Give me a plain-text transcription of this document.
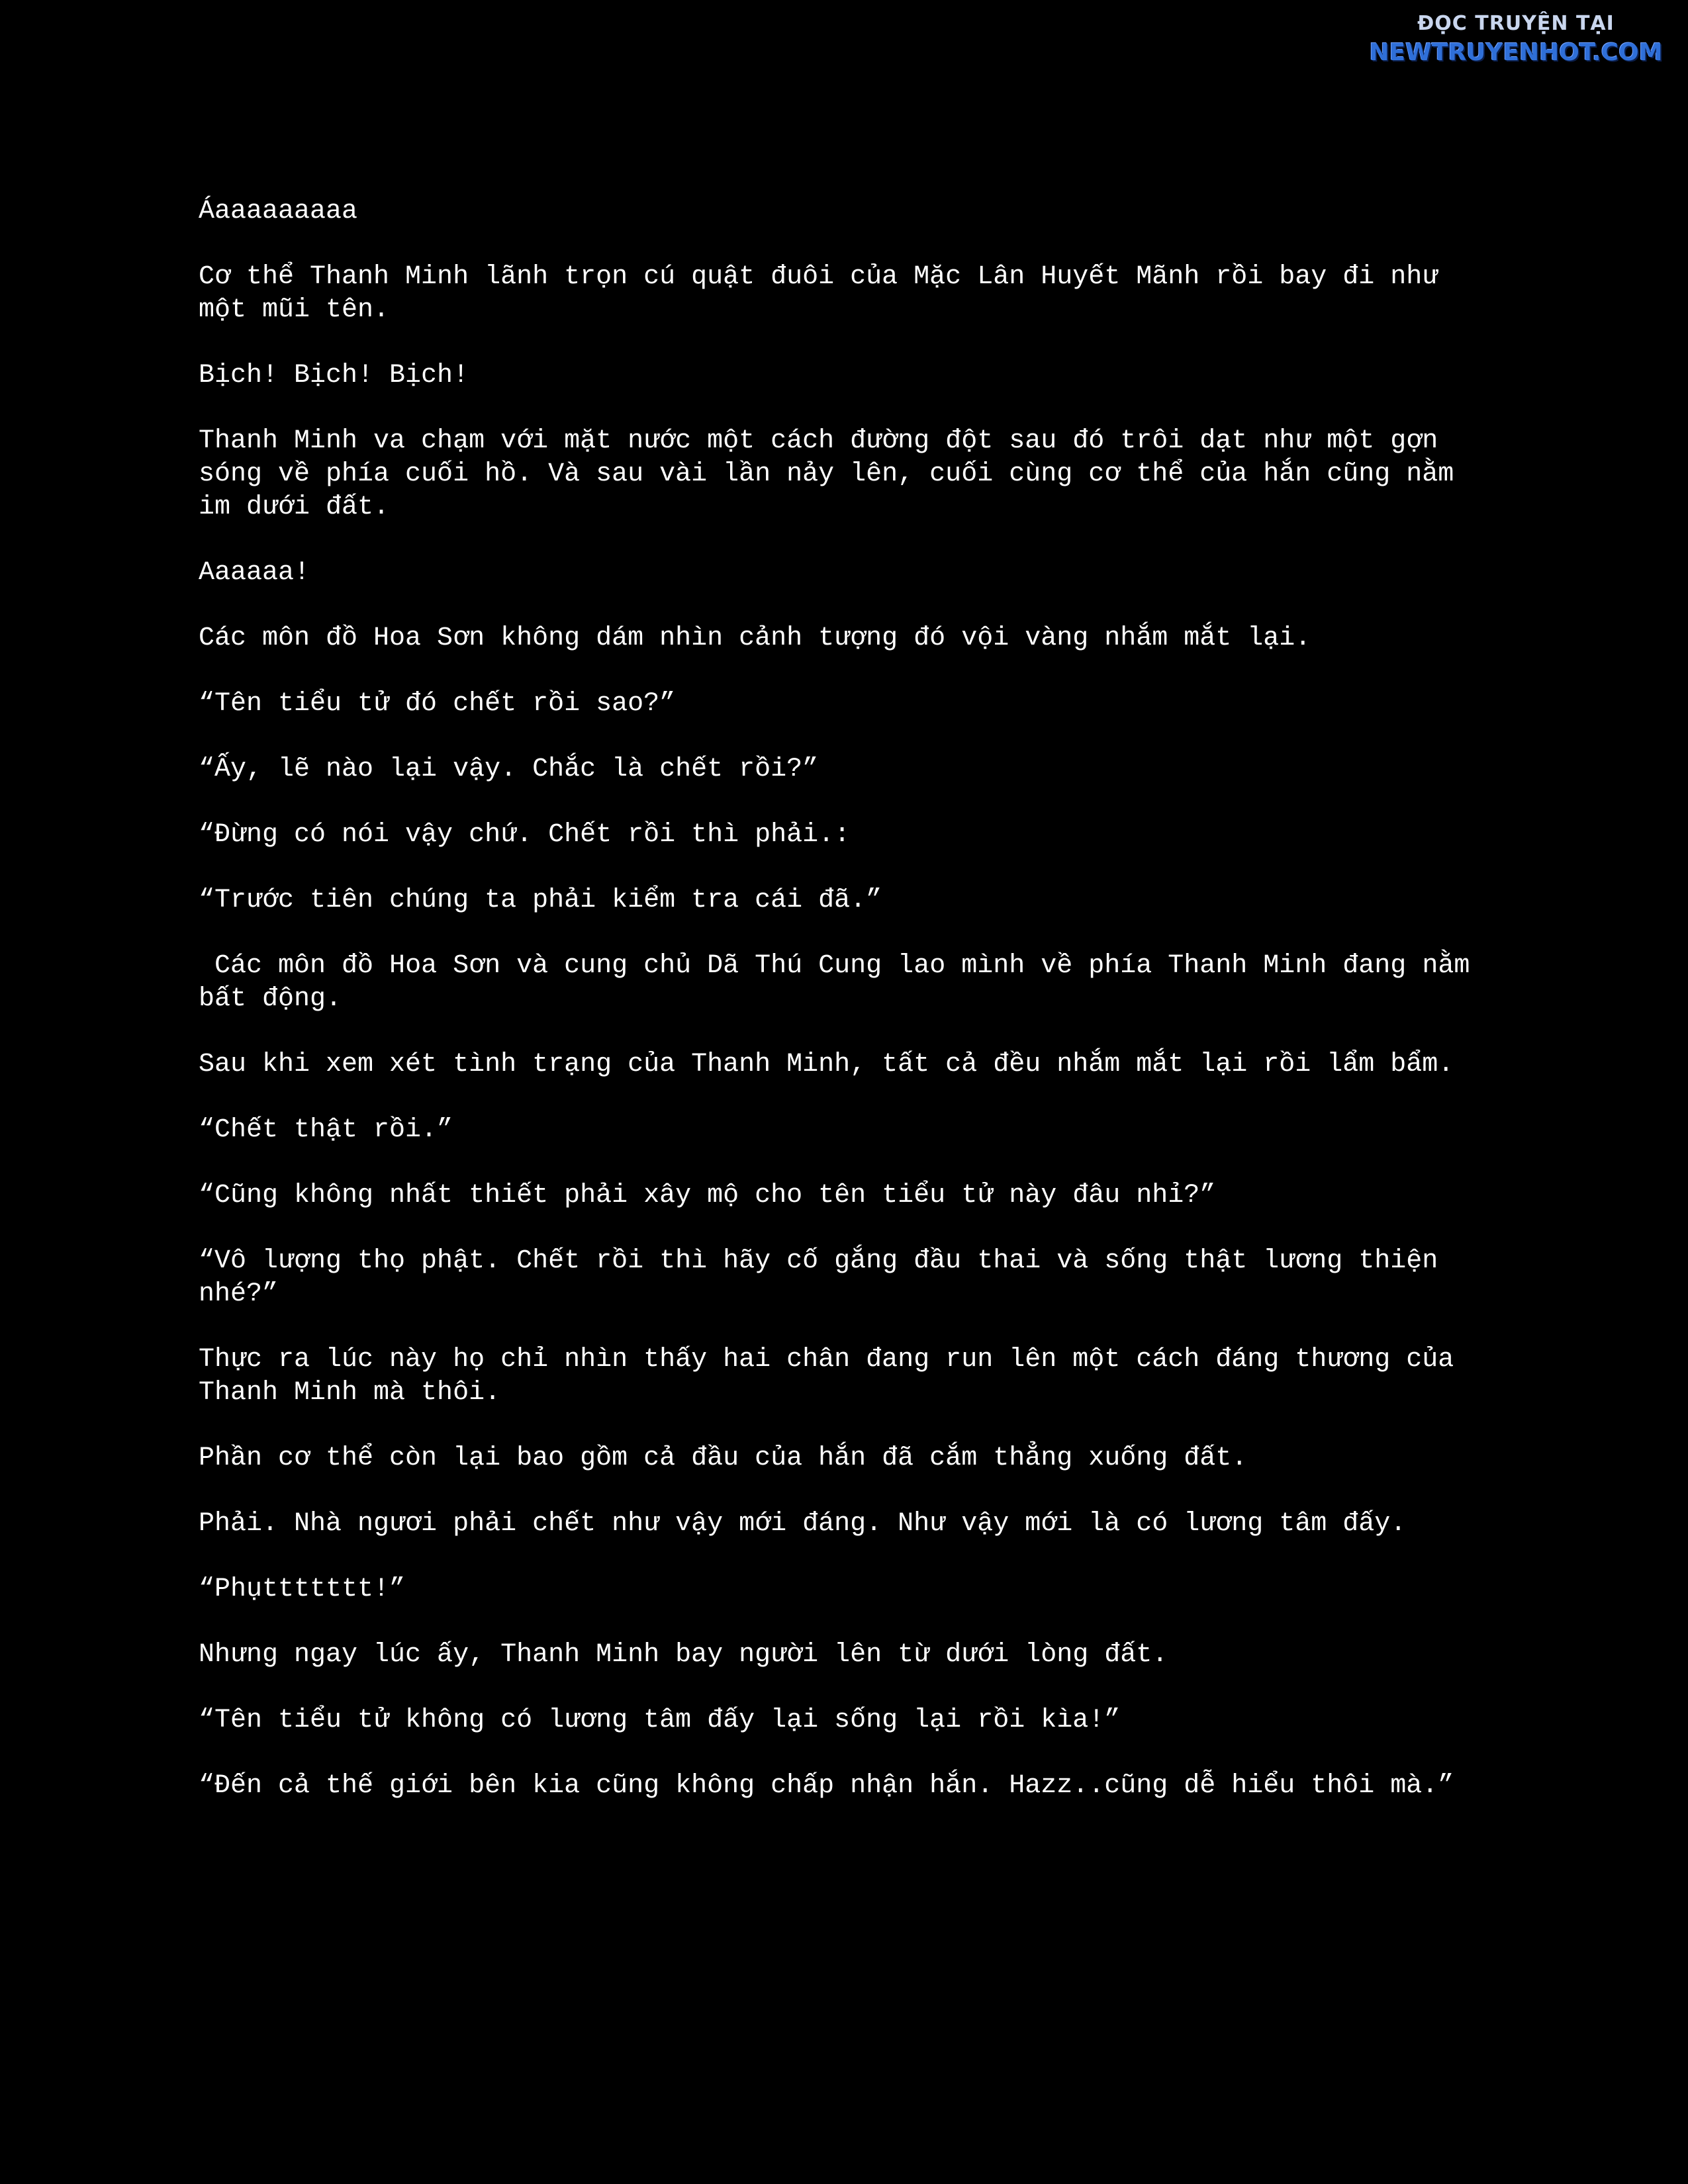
ĐỌC TRUYỆN TẠI
NEWTRUYENHOT.COM

Áaaaaaaaaa

Cơ thể Thanh Minh lãnh trọn cú quật đuôi của Mặc Lân Huyết Mãnh rồi bay đi như một mũi tên.

Bịch! Bịch! Bịch!

Thanh Minh va chạm với mặt nước một cách đường đột sau đó trôi dạt như một gợn sóng về phía cuối hồ. Và sau vài lần nảy lên, cuối cùng cơ thể của hắn cũng nằm im dưới đất.

Aaaaaa!

Các môn đồ Hoa Sơn không dám nhìn cảnh tượng đó vội vàng nhắm mắt lại.

“Tên tiểu tử đó chết rồi sao?”

“Ấy, lẽ nào lại vậy. Chắc là chết rồi?”

“Đừng có nói vậy chứ. Chết rồi thì phải.:

“Trước tiên chúng ta phải kiểm tra cái đã.”

Các môn đồ Hoa Sơn và cung chủ Dã Thú Cung lao mình về phía Thanh Minh đang nằm bất động.

Sau khi xem xét tình trạng của Thanh Minh, tất cả đều nhắm mắt lại rồi lẩm bẩm.

“Chết thật rồi.”

“Cũng không nhất thiết phải xây mộ cho tên tiểu tử này đâu nhỉ?”

“Vô lượng thọ phật. Chết rồi thì hãy cố gắng đầu thai và sống thật lương thiện nhé?”

Thực ra lúc này họ chỉ nhìn thấy hai chân đang run lên một cách đáng thương của Thanh Minh mà thôi.

Phần cơ thể còn lại bao gồm cả đầu của hắn đã cắm thẳng xuống đất.

Phải. Nhà ngươi phải chết như vậy mới đáng. Như vậy mới là có lương tâm đấy.

“Phụttttttt!”

Nhưng ngay lúc ấy, Thanh Minh bay người lên từ dưới lòng đất.

“Tên tiểu tử không có lương tâm đấy lại sống lại rồi kìa!”

“Đến cả thế giới bên kia cũng không chấp nhận hắn. Hazz..cũng dễ hiểu thôi mà.”
